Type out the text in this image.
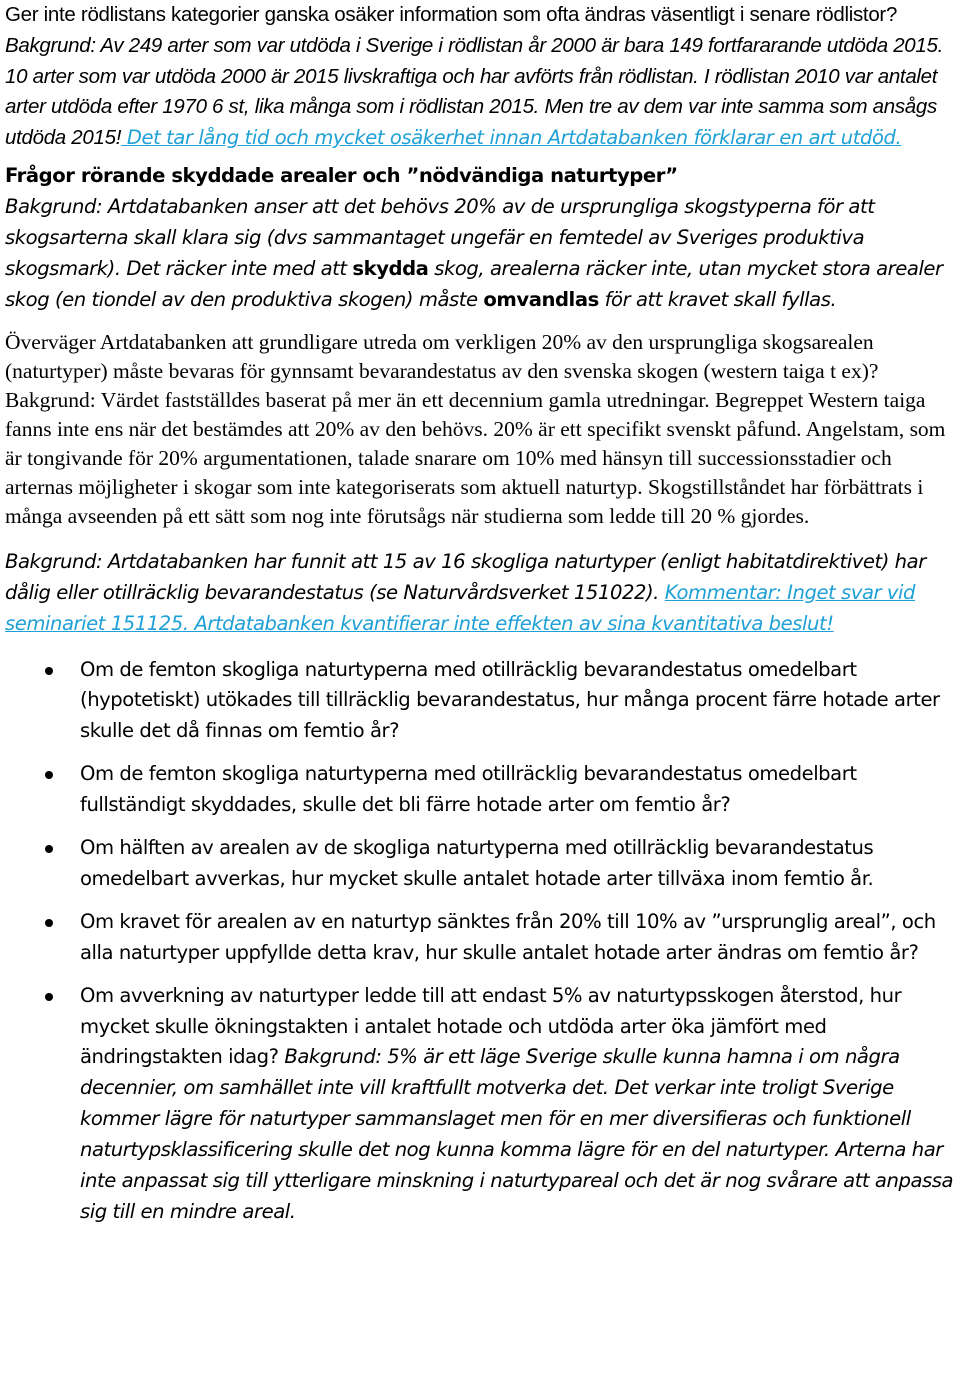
Ger inte rödlistans kategorier ganska osäker information som ofta ändras väsentligt i senare rödlistor? Bakgrund: Av 249 arter som var utdöda i Sverige i rödlistan år 2000 är bara 149 fortfararande utdöda 2015. 10 arter som var utdöda 2000 är 2015 livskraftiga och har avförts från rödlistan. I rödlistan 2010 var antalet arter utdöda efter 1970 6 st, lika många som i rödlistan 2015. Men tre av dem var inte samma som ansågs utdöda 2015! Det tar lång tid och mycket osäkerhet innan Artdatabanken förklarar en art utdöd.

Frågor rörande skyddade arealer och ”nödvändiga naturtyper”
Bakgrund: Artdatabanken anser att det behövs 20% av de ursprungliga skogstyperna för att skogsarterna skall klara sig (dvs sammantaget ungefär en femtedel av Sveriges produktiva skogsmark). Det räcker inte med att skydda skog, arealerna räcker inte, utan mycket stora arealer skog (en tiondel av den produktiva skogen) måste omvandlas för att kravet skall fyllas.

Överväger Artdatabanken att grundligare utreda om verkligen 20% av den ursprungliga skogsarealen (naturtyper) måste bevaras för gynnsamt bevarandestatus av den svenska skogen (western taiga t ex)? Bakgrund: Värdet fastställdes baserat på mer än ett decennium gamla utredningar. Begreppet Western taiga fanns inte ens när det bestämdes att 20% av den behövs. 20% är ett specifikt svenskt påfund. Angelstam, som är tongivande för 20% argumentationen, talade snarare om 10% med hänsyn till successionsstadier och arternas möjligheter i skogar som inte kategoriserats som aktuell naturtyp. Skogstillståndet har förbättrats i många avseenden på ett sätt som nog inte förutsågs när studierna som ledde till 20 % gjordes.

Bakgrund: Artdatabanken har funnit att 15 av 16 skogliga naturtyper (enligt habitatdirektivet) har dålig eller otillräcklig bevarandestatus (se Naturvårdsverket 151022). Kommentar: Inget svar vid seminariet 151125. Artdatabanken kvantifierar inte effekten av sina kvantitativa beslut!

Om de femton skogliga naturtyperna med otillräcklig bevarandestatus omedelbart (hypotetiskt) utökades till tillräcklig bevarandestatus, hur många procent färre hotade arter skulle det då finnas om femtio år?
Om de femton skogliga naturtyperna med otillräcklig bevarandestatus omedelbart fullständigt skyddades, skulle det bli färre hotade arter om femtio år?
Om hälften av arealen av de skogliga naturtyperna med otillräcklig bevarandestatus omedelbart avverkas, hur mycket skulle antalet hotade arter tillväxa inom femtio år.
Om kravet för arealen av en naturtyp sänktes från 20% till 10% av ”ursprunglig areal”, och alla naturtyper uppfyllde detta krav, hur skulle antalet hotade arter ändras om femtio år?
Om avverkning av naturtyper ledde till att endast 5% av naturtypsskogen återstod, hur mycket skulle ökningstakten i antalet hotade och utdöda arter öka jämfört med ändringstakten idag? Bakgrund: 5% är ett läge Sverige skulle kunna hamna i om några decennier, om samhället inte vill kraftfullt motverka det. Det verkar inte troligt Sverige kommer lägre för naturtyper sammanslaget men för en mer diversifieras och funktionell naturtypsklassificering skulle det nog kunna komma lägre för en del naturtyper. Arterna har inte anpassat sig till ytterligare minskning i naturtypareal och det är nog svårare att anpassa sig till en mindre areal.
